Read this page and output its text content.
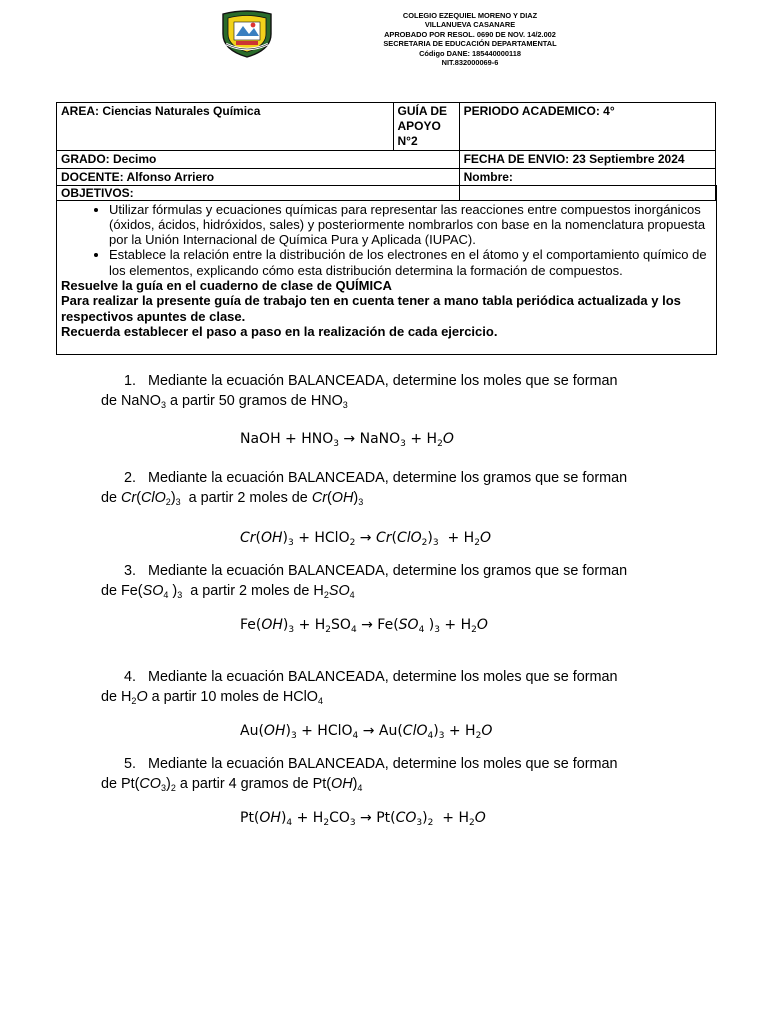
COLEGIO EZEQUIEL MORENO Y DIAZ
VILLANUEVA CASANARE
APROBADO POR RESOL. 0690 DE NOV. 14/2.002
SECRETARIA DE EDUCACIÓN DEPARTAMENTAL
Código DANE: 185440000118
NIT.832000069-6
AREA: Ciencias Naturales Química	GUÍA DE APOYO N°2	PERIODO ACADEMICO: 4°
GRADO: Decimo		FECHA DE ENVIO: 23 Septiembre 2024
DOCENTE: Alfonso Arriero		Nombre:
OBJETIVOS:
• Utilizar fórmulas y ecuaciones químicas para representar las reacciones entre compuestos inorgánicos (óxidos, ácidos, hidróxidos, sales) y posteriormente nombrarlos con base en la nomenclatura propuesta por la Unión Internacional de Química Pura y Aplicada (IUPAC).
• Establece la relación entre la distribución de los electrones en el átomo y el comportamiento químico de los elementos, explicando cómo esta distribución determina la formación de compuestos.
Resuelve la guía en el cuaderno de clase de QUÍMICA
Para realizar la presente guía de trabajo ten en cuenta tener a mano tabla periódica actualizada y los respectivos apuntes de clase.
Recuerda establecer el paso a paso en la realización de cada ejercicio.
1. Mediante la ecuación BALANCEADA, determine los moles que se forman
de NaNO$_3$ a partir 50 gramos de $HNO_3$
NaOH + $HNO_3$ → NaNO$_3$ + $H_2O$
2. Mediante la ecuación BALANCEADA, determine los gramos que se forman
de $Cr(ClO_2)_3$ a partir 2 moles de $Cr(OH)_3$
$Cr(OH)_3$ + HClO$_2$ → $Cr(ClO_2)_3 + H_2O$
3. Mediante la ecuación BALANCEADA, determine los gramos que se forman
de $Fe(SO_4$ )$_3$ a partir 2 moles de $H_2SO_4$
$Fe(OH)_3 + H_2SO_4 \to Fe(SO_4$ )$_3 + H_2O$
4. Mediante la ecuación BALANCEADA, determine los moles que se forman
de $H_2O$ a partir 10 moles de HClO$_4$
$Au(OH)_3$ + HClO$_4$ → $Au(ClO_4)_3 + H_2O$
5. Mediante la ecuación BALANCEADA, determine los moles que se forman
de $Pt(CO_3)_2$ a partir 4 gramos de $Pt(OH)_4$
$Pt(OH)_4 + H_2CO_3 \to Pt(CO_3)_2 + H_2O$
